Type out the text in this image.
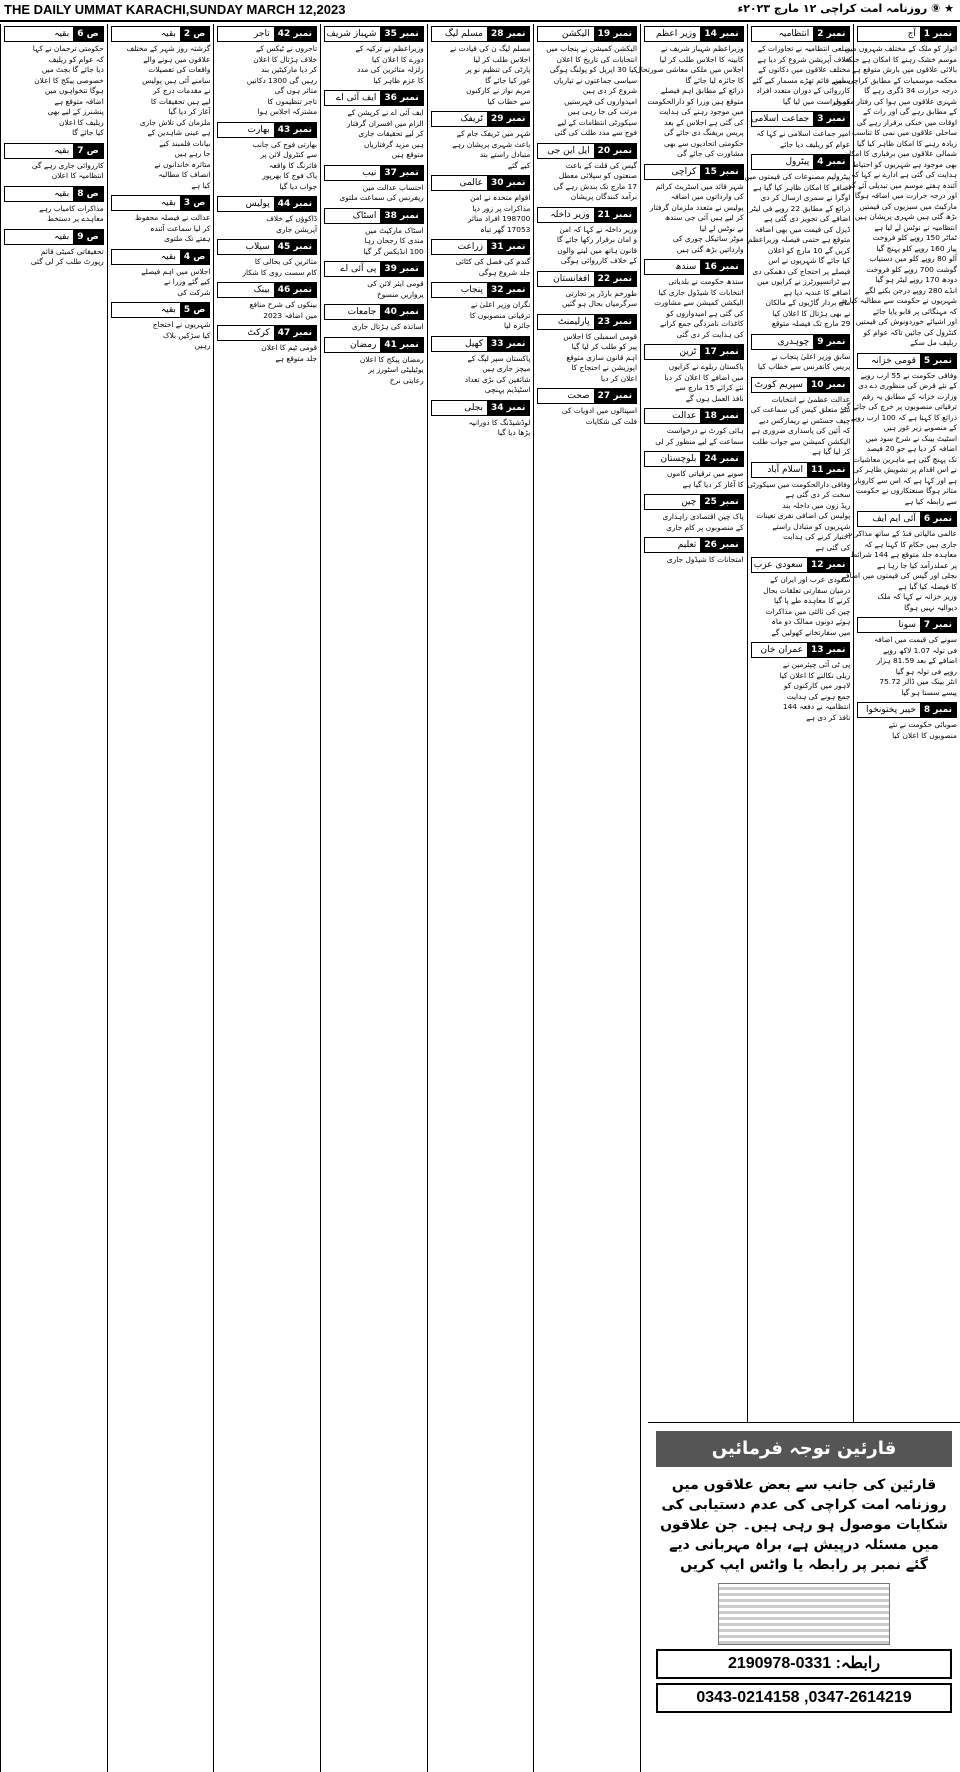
THE DAILY UMMAT KARACHI,SUNDAY MARCH 12,2023	★ ⑨ روزنامہ امت کراچی ۱۲ مارچ ۲۰۲۳ء
نمبر 1
آج
اتوار کو ملک کے مختلف شہروں میں
موسم خشک رہنے کا امکان ہے جبکہ
بالائی علاقوں میں بارش متوقع ہے
محکمہ موسمیات کے مطابق کراچی میں
درجہ حرارت 34 ڈگری رہے گا
شہری علاقوں میں ہوا کی رفتار معمول
کے مطابق رہے گی اور رات کے
اوقات میں خنکی برقرار رہے گی
ساحلی علاقوں میں نمی کا تناسب
زیادہ رہنے کا امکان ظاہر کیا گیا
شمالی علاقوں میں برفباری کا امکان
بھی موجود ہے شہریوں کو احتیاط کی
ہدایت کی گئی ہے ادارے نے کہا کہ
آئندہ ہفتے موسم میں تبدیلی آئے گی
اور درجہ حرارت میں اضافہ ہوگا
مارکیٹ میں سبزیوں کی قیمتیں
بڑھ گئی ہیں شہری پریشان ہیں
انتظامیہ نے نوٹس لے لیا ہے
ٹماٹر 150 روپے کلو فروخت
پیاز 160 روپے کلو پہنچ گیا
آلو 80 روپے کلو میں دستیاب
گوشت 700 روپے کلو فروخت
دودھ 170 روپے لیٹر ہو گیا
انڈے 280 روپے درجن بکنے لگے
شہریوں نے حکومت سے مطالبہ کیا ہے
کہ مہنگائی پر قابو پایا جائے
اور اشیائے خوردونوش کی قیمتیں
کنٹرول کی جائیں تاکہ عوام کو
ریلیف مل سکے
نمبر 5
قومی خزانہ
وفاقی حکومت نے 55 ارب روپے
کے نئے قرض کی منظوری دے دی
وزارت خزانہ کے مطابق یہ رقم
ترقیاتی منصوبوں پر خرچ کی جائے گی
ذرائع کا کہنا ہے کہ 100 ارب روپے
کے منصوبے زیر غور ہیں
اسٹیٹ بینک نے شرح سود میں
اضافہ کر دیا ہے جو 20 فیصد
تک پہنچ گئی ہے ماہرین معاشیات
نے اس اقدام پر تشویش ظاہر کی
ہے اور کہا ہے کہ اس سے کاروبار
متاثر ہوگا صنعتکاروں نے حکومت
سے رابطہ کیا ہے
نمبر 6
آئی ایم ایف
عالمی مالیاتی فنڈ کے ساتھ مذاکرات
جاری ہیں حکام کا کہنا ہے کہ
معاہدہ جلد متوقع ہے 144 شرائط
پر عملدرآمد کیا جا رہا ہے
بجلی اور گیس کی قیمتوں میں اضافے
کا فیصلہ کیا گیا ہے
وزیر خزانہ نے کہا کہ ملک
دیوالیہ نہیں ہوگا
نمبر 7
سونا
سونے کی قیمت میں اضافہ
فی تولہ 1.07 لاکھ روپے
اضافے کے بعد 81.59 ہزار
روپے فی تولہ ہو گیا
انٹر بینک میں ڈالر 75.72
پیسے سستا ہو گیا
نمبر 8
خیبر پختونخوا
صوبائی حکومت نے نئے
منصوبوں کا اعلان کیا
نمبر 2
انتظامیہ
ضلعی انتظامیہ نے تجاوزات کے
خلاف آپریشن شروع کر دیا ہے
مختلف علاقوں میں دکانوں کے
سامنے قائم تھڑے مسمار کیے گئے
کارروائی کے دوران متعدد افراد
کو حراست میں لیا گیا
نمبر 3
جماعت اسلامی
امیر جماعت اسلامی نے کہا کہ
عوام کو ریلیف دیا جائے
نمبر 4
پیٹرول
پیٹرولیم مصنوعات کی قیمتوں میں
اضافے کا امکان ظاہر کیا گیا ہے
اوگرا نے سمری ارسال کر دی
ذرائع کے مطابق 22 روپے فی لیٹر
اضافے کی تجویز دی گئی ہے
ڈیزل کی قیمت میں بھی اضافہ
متوقع ہے حتمی فیصلہ وزیراعظم
کریں گے 10 مارچ کو اعلان
کیا جائے گا شہریوں نے اس
فیصلے پر احتجاج کی دھمکی دی
ہے ٹرانسپورٹرز نے کرایوں میں
اضافے کا عندیہ دیا ہے
مال بردار گاڑیوں کے مالکان
نے بھی ہڑتال کا اعلان کیا
29 مارچ تک فیصلہ متوقع
نمبر 9
چوہدری
سابق وزیر اعلیٰ پنجاب نے
پریس کانفرنس سے خطاب کیا
نمبر 10
سپریم کورٹ
عدالت عظمیٰ نے انتخابات
سے متعلق کیس کی سماعت کی
چیف جسٹس نے ریمارکس دیے
کہ آئین کی پاسداری ضروری ہے
الیکشن کمیشن سے جواب طلب
کر لیا گیا ہے
نمبر 11
اسلام آباد
وفاقی دارالحکومت میں سیکورٹی
سخت کر دی گئی ہے
ریڈ زون میں داخلہ بند
پولیس کی اضافی نفری تعینات
شہریوں کو متبادل راستے
اختیار کرنے کی ہدایت
کی گئی ہے
نمبر 12
سعودی عرب
سعودی عرب اور ایران کے
درمیان سفارتی تعلقات بحال
کرنے کا معاہدہ طے پا گیا
چین کی ثالثی میں مذاکرات
ہوئے دونوں ممالک دو ماہ
میں سفارتخانے کھولیں گے
نمبر 13
عمران خان
پی ٹی آئی چیئرمین نے
ریلی نکالنے کا اعلان کیا
لاہور میں کارکنوں کو
جمع ہونے کی ہدایت
انتظامیہ نے دفعہ 144
نافذ کر دی ہے
نمبر 14
وزیر اعظم
وزیراعظم شہباز شریف نے
کابینہ کا اجلاس طلب کر لیا
اجلاس میں ملکی معاشی صورتحال
کا جائزہ لیا جائے گا
ذرائع کے مطابق اہم فیصلے
متوقع ہیں وزرا کو دارالحکومت
میں موجود رہنے کی ہدایت
کی گئی ہے اجلاس کے بعد
پریس بریفنگ دی جائے گی
حکومتی اتحادیوں سے بھی
مشاورت کی جائے گی
نمبر 15
کراچی
شہر قائد میں اسٹریٹ کرائم
کی وارداتوں میں اضافہ
پولیس نے متعدد ملزمان گرفتار
کر لیے ہیں آئی جی سندھ
نے نوٹس لے لیا
موٹر سائیکل چوری کی
وارداتیں بڑھ گئی ہیں
نمبر 16
سندھ
سندھ حکومت نے بلدیاتی
انتخابات کا شیڈول جاری کیا
الیکشن کمیشن سے مشاورت
کی گئی ہے امیدواروں کو
کاغذات نامزدگی جمع کرانے
کی ہدایت کر دی گئی
نمبر 17
ٹرین
پاکستان ریلوے نے کرایوں
میں اضافے کا اعلان کر دیا
نئے کرائے 15 مارچ سے
نافذ العمل ہوں گے
نمبر 18
عدالت
ہائی کورٹ نے درخواست
سماعت کے لیے منظور کر لی
نمبر 24
بلوچستان
صوبے میں ترقیاتی کاموں
کا آغاز کر دیا گیا ہے
نمبر 25
چین
پاک چین اقتصادی راہداری
کے منصوبوں پر کام جاری
نمبر 26
تعلیم
امتحانات کا شیڈول جاری
نمبر 19
الیکشن
الیکشن کمیشن نے پنجاب میں
انتخابات کی تاریخ کا اعلان
کیا 30 اپریل کو پولنگ ہوگی
سیاسی جماعتوں نے تیاریاں
شروع کر دی ہیں
امیدواروں کی فہرستیں
مرتب کی جا رہی ہیں
سیکورٹی انتظامات کے لیے
فوج سے مدد طلب کی گئی
نمبر 20
ایل این جی
گیس کی قلت کے باعث
صنعتوں کو سپلائی معطل
17 مارچ تک بندش رہے گی
برآمد کنندگان پریشان
نمبر 21
وزیر داخلہ
وزیر داخلہ نے کہا کہ امن
و امان برقرار رکھا جائے گا
قانون ہاتھ میں لینے والوں
کے خلاف کارروائی ہوگی
نمبر 22
افغانستان
طورخم بارڈر پر تجارتی
سرگرمیاں بحال ہو گئیں
نمبر 23
پارلیمنٹ
قومی اسمبلی کا اجلاس
پیر کو طلب کر لیا گیا
اہم قانون سازی متوقع
اپوزیشن نے احتجاج کا
اعلان کر دیا
نمبر 27
صحت
اسپتالوں میں ادویات کی
قلت کی شکایات
نمبر 28
مسلم لیگ
مسلم لیگ ن کی قیادت نے
اجلاس طلب کر لیا
پارٹی کی تنظیم نو پر
غور کیا جائے گا
مریم نواز نے کارکنوں
سے خطاب کیا
نمبر 29
ٹریفک
شہر میں ٹریفک جام کے
باعث شہری پریشان رہے
متبادل راستے بند
کیے گئے
نمبر 30
عالمی
اقوام متحدہ نے امن
مذاکرات پر زور دیا
198700 افراد متاثر
17053 گھر تباہ
نمبر 31
زراعت
گندم کی فصل کی کٹائی
جلد شروع ہوگی
نمبر 32
پنجاب
نگران وزیر اعلیٰ نے
ترقیاتی منصوبوں کا
جائزہ لیا
نمبر 33
کھیل
پاکستان سپر لیگ کے
میچز جاری ہیں
شائقین کی بڑی تعداد
اسٹیڈیم پہنچی
نمبر 34
بجلی
لوڈشیڈنگ کا دورانیہ
بڑھا دیا گیا
نمبر 35
شہباز شریف
وزیراعظم نے ترکیہ کے
دورے کا اعلان کیا
زلزلہ متاثرین کی مدد
کا عزم ظاہر کیا
نمبر 36
ایف آئی اے
ایف آئی اے نے کرپشن کے
الزام میں افسران گرفتار
کر لیے تحقیقات جاری
ہیں مزید گرفتاریاں
متوقع ہیں
نمبر 37
نیب
احتساب عدالت میں
ریفرنس کی سماعت ملتوی
نمبر 38
اسٹاک
اسٹاک مارکیٹ میں
مندی کا رجحان رہا
100 انڈیکس گر گیا
نمبر 39
پی آئی اے
قومی ایئر لائن کی
پروازیں منسوخ
نمبر 40
جامعات
اساتذہ کی ہڑتال جاری
نمبر 41
رمضان
رمضان پیکج کا اعلان
یوٹیلیٹی اسٹورز پر
رعایتی نرخ
نمبر 42
تاجر
تاجروں نے ٹیکس کے
خلاف ہڑتال کا اعلان
کر دیا مارکیٹیں بند
رہیں گی 1300 دکانیں
متاثر ہوں گی
تاجر تنظیموں کا
مشترکہ اجلاس ہوا
نمبر 43
بھارت
بھارتی فوج کی جانب
سے کنٹرول لائن پر
فائرنگ کا واقعہ
پاک فوج کا بھرپور
جواب دیا گیا
نمبر 44
پولیس
ڈاکوؤں کے خلاف
آپریشن جاری
نمبر 45
سیلاب
متاثرین کی بحالی کا
کام سست روی کا شکار
نمبر 46
بینک
بینکوں کی شرح منافع
میں اضافہ 2023
نمبر 47
کرکٹ
قومی ٹیم کا اعلان
جلد متوقع ہے
ص 2
بقیہ
گزشتہ روز شہر کے مختلف
علاقوں میں ہونے والے
واقعات کی تفصیلات
سامنے آئی ہیں پولیس
نے مقدمات درج کر
لیے ہیں تحقیقات کا
آغاز کر دیا گیا
ملزمان کی تلاش جاری
ہے عینی شاہدین کے
بیانات قلمبند کیے
جا رہے ہیں
متاثرہ خاندانوں نے
انصاف کا مطالبہ
کیا ہے
ص 3
بقیہ
عدالت نے فیصلہ محفوظ
کر لیا سماعت آئندہ
ہفتے تک ملتوی
ص 4
بقیہ
اجلاس میں اہم فیصلے
کیے گئے وزرا نے
شرکت کی
ص 5
بقیہ
شہریوں نے احتجاج
کیا سڑکیں بلاک
رہیں
ص 6
بقیہ
حکومتی ترجمان نے کہا
کہ عوام کو ریلیف
دیا جائے گا بجٹ میں
خصوصی پیکج کا اعلان
ہوگا تنخواہوں میں
اضافہ متوقع ہے
پنشنرز کے لیے بھی
ریلیف کا اعلان
کیا جائے گا
ص 7
بقیہ
کارروائی جاری رہے گی
انتظامیہ کا اعلان
ص 8
بقیہ
مذاکرات کامیاب رہے
معاہدے پر دستخط
ص 9
بقیہ
تحقیقاتی کمیٹی قائم
رپورٹ طلب کر لی گئی
قارئین توجہ فرمائیں
قارئین کی جانب سے بعض علاقوں میں روزنامہ امت کراچی کی عدم دستیابی کی شکایات موصول ہو رہی ہیں۔ جن علاقوں میں مسئلہ درپیش ہے، براہ مہربانی دیے گئے نمبر پر رابطہ یا واٹس ایپ کریں
رابطہ: 0331-2190978
0347-2614219, 0343-0214158
